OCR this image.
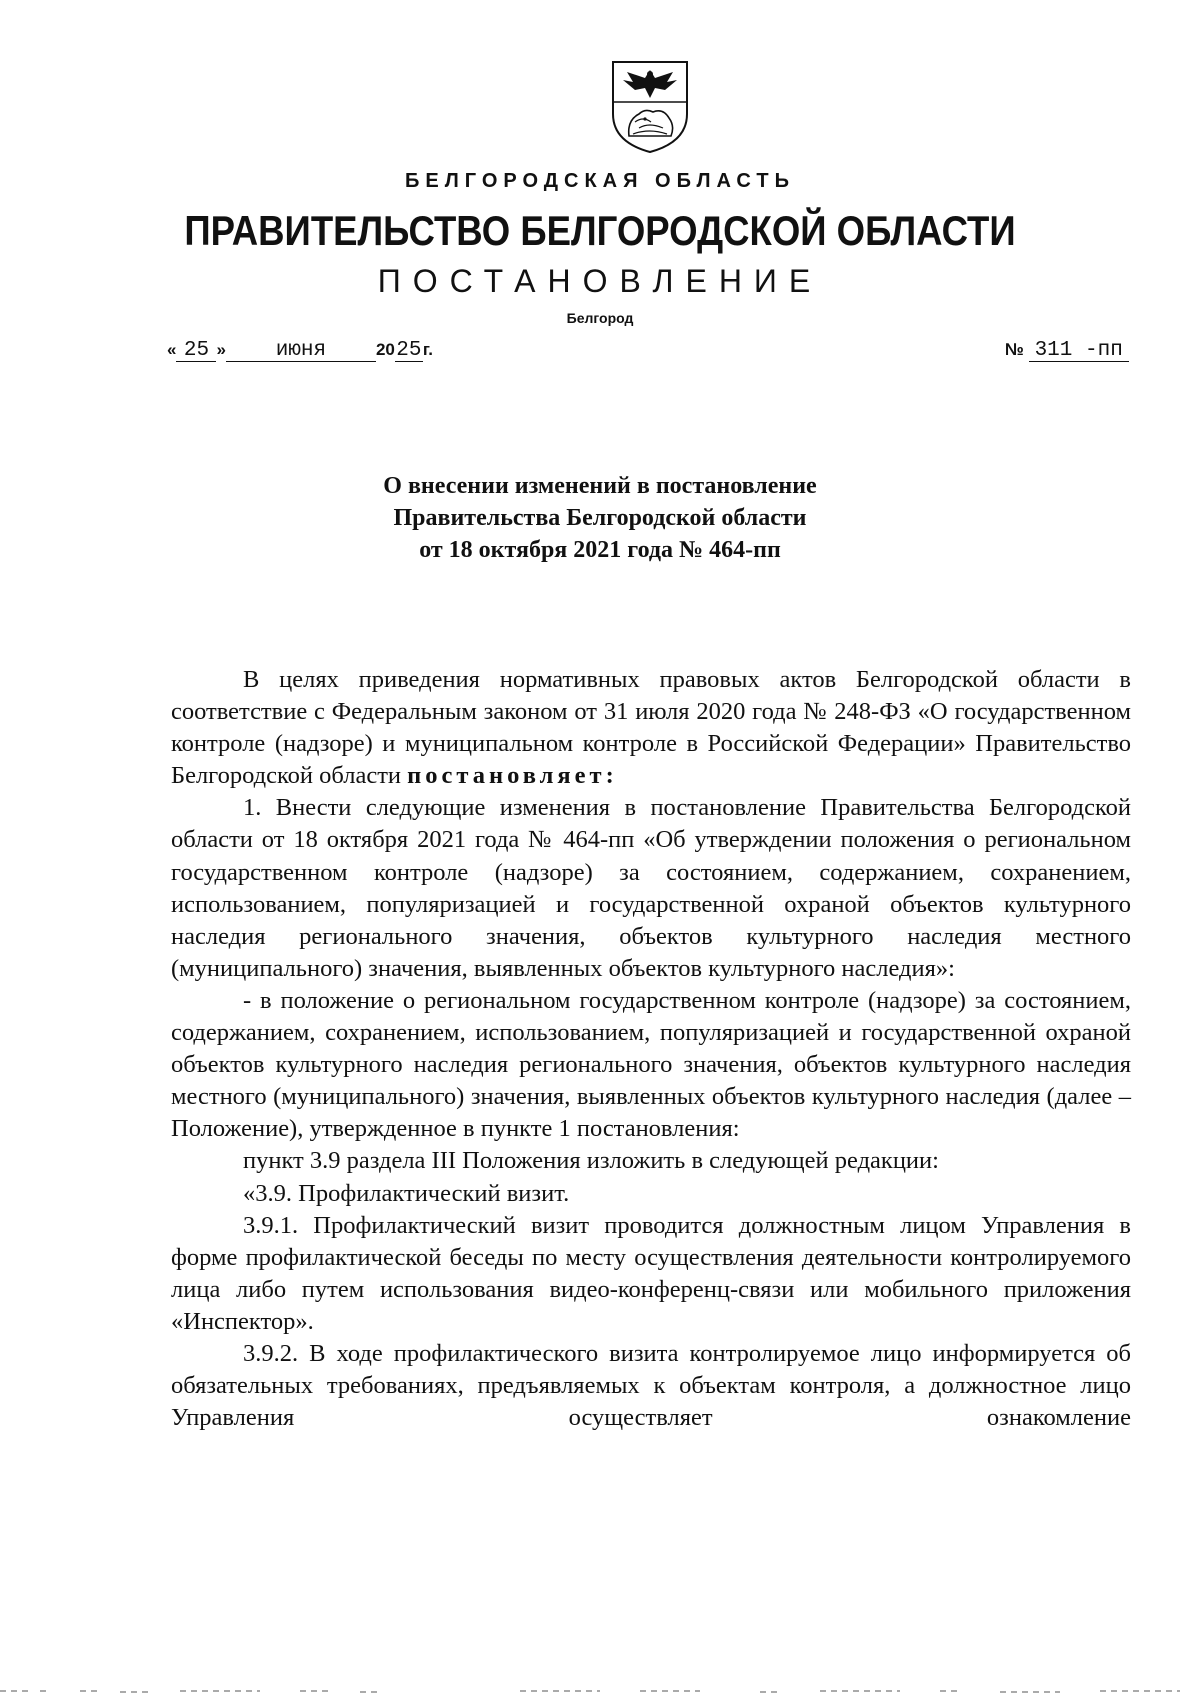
БЕЛГОРОДСКАЯ ОБЛАСТЬ
ПРАВИТЕЛЬСТВО БЕЛГОРОДСКОЙ ОБЛАСТИ
ПОСТАНОВЛЕНИЕ
Белгород
« 25 » июня	2025г.	№ 311 -пп
О внесении изменений в постановление
Правительства Белгородской области
от 18 октября 2021 года № 464-пп

В целях приведения нормативных правовых актов Белгородской области в соответствие с Федеральным законом от 31 июля 2020 года № 248-ФЗ «О государственном контроле (надзоре) и муниципальном контроле в Российской Федерации» Правительство Белгородской области постановляет:

1. Внести следующие изменения в постановление Правительства Белгородской области от 18 октября 2021 года № 464-пп «Об утверждении положения о региональном государственном контроле (надзоре) за состоянием, содержанием, сохранением, использованием, популяризацией и государственной охраной объектов культурного наследия регионального значения, объектов культурного наследия местного (муниципального) значения, выявленных объектов культурного наследия»:

- в положение о региональном государственном контроле (надзоре) за состоянием, содержанием, сохранением, использованием, популяризацией и государственной охраной объектов культурного наследия регионального значения, объектов культурного наследия местного (муниципального) значения, выявленных объектов культурного наследия (далее – Положение), утвержденное в пункте 1 постановления:

пункт 3.9 раздела III Положения изложить в следующей редакции:

«3.9. Профилактический визит.

3.9.1. Профилактический визит проводится должностным лицом Управления в форме профилактической беседы по месту осуществления деятельности контролируемого лица либо путем использования видео-конференц-связи или мобильного приложения «Инспектор».

3.9.2. В ходе профилактического визита контролируемое лицо информируется об обязательных требованиях, предъявляемых к объектам контроля, а должностное лицо Управления осуществляет ознакомление
